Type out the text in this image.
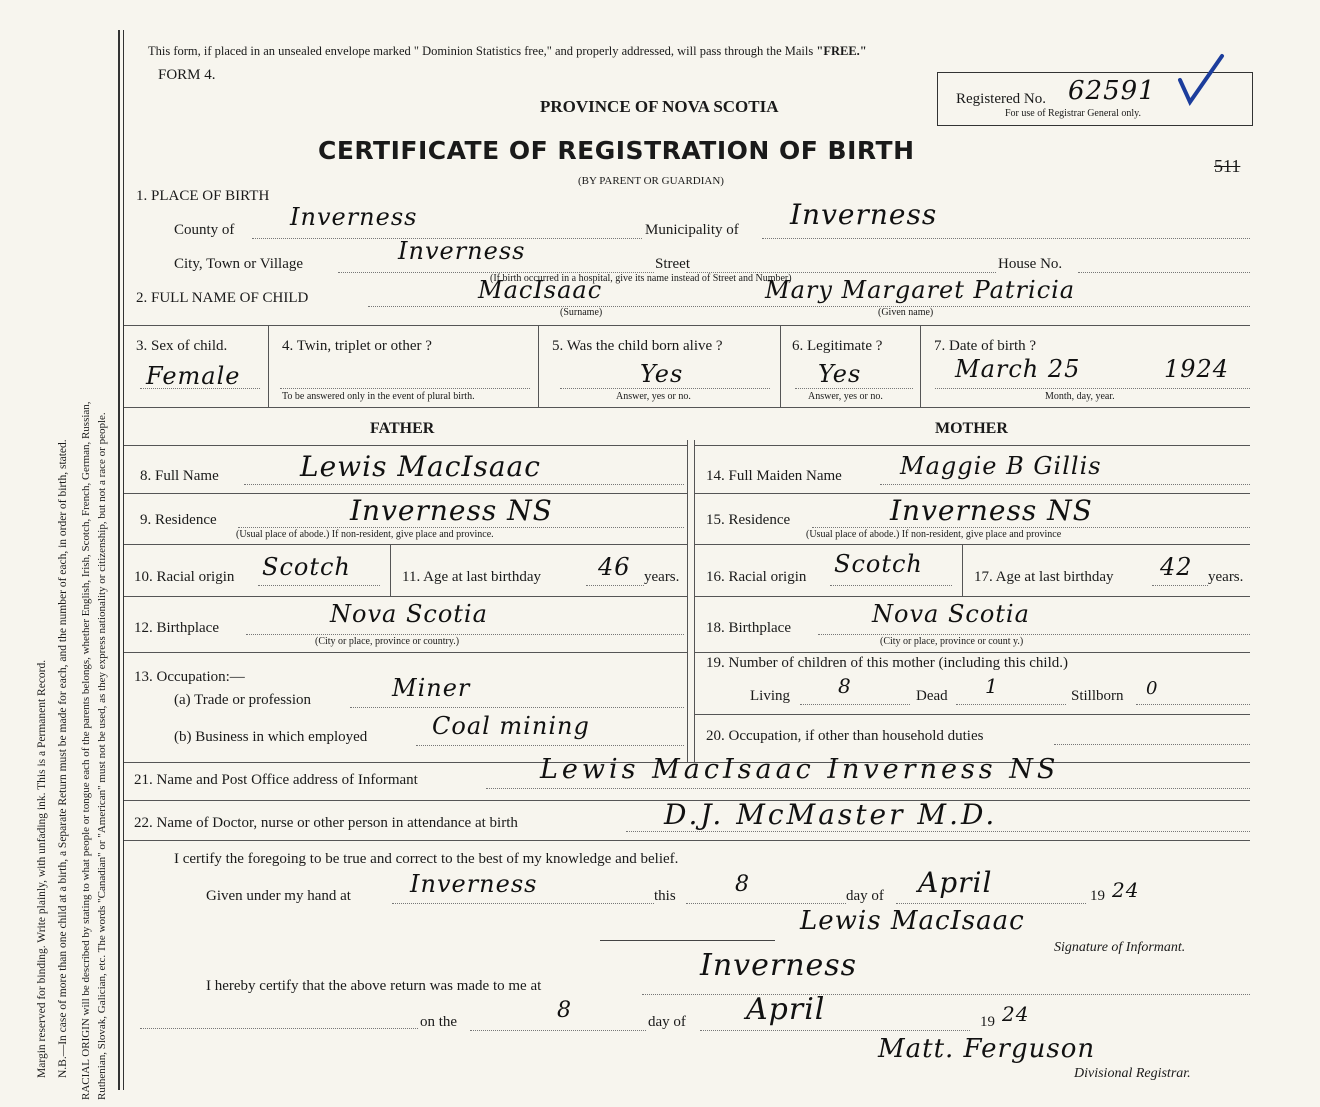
Margin reserved for binding. Write plainly, with unfading ink. This is a Permanent Record. N.B.—In case of more than one child at a birth, a Separate Return must be made for each, and the number of each, in order of birth, stated. RACIAL ORIGIN will be described by stating to what people or tongue each of the parents belongs, whether English, Irish, Scotch, French, German, Russian, Ruthenian, Slovak, Galician, etc. The words "Canadian" or "American" must not be used, as they express nationality or citizenship, but not a race or people.
This form, if placed in an unsealed envelope marked " Dominion Statistics free," and properly addressed, will pass through the Mails "FREE."
FORM 4.
PROVINCE OF NOVA SCOTIA
CERTIFICATE OF REGISTRATION OF BIRTH
(BY PARENT OR GUARDIAN)
Registered No. 62591
For use of Registrar General only.
511
1. PLACE OF BIRTH
County of Inverness	Municipality of Inverness
City, Town or Village	Inverness	Street	House No.
(If birth occurred in a hospital, give its name instead of Street and Number)
2. FULL NAME OF CHILD	MacIsaac	Mary Margaret Patricia
(Surname)	(Given name)
3. Sex of child.
Female
4. Twin, triplet or other ?
To be answered only in the event of plural birth.
5. Was the child born alive ?
Yes
Answer, yes or no.
6. Legitimate ?
Yes
Answer, yes or no.
7. Date of birth ?
March 25	1924
Month, day, year.
FATHER	MOTHER
8. Full Name	Lewis MacIsaac	14. Full Maiden Name Maggie B Gillis
9. Residence	Inverness NS
(Usual place of abode.) If non-resident, give place and province.
15. Residence	Inverness NS
(Usual place of abode.) If non-resident, give place and province
10. Racial origin Scotch	11. Age at last birthday 46 years. 16. Racial origin Scotch	17. Age at last birthday 42 years.
12. Birthplace	Nova Scotia
(City or place, province or country.)
18. Birthplace	Nova Scotia
(City or place, province or count y.)
13. Occupation:—
(a) Trade or profession	Miner
(b) Business in which employed	Coal mining
19. Number of children of this mother (including this child.)
Living 8	Dead 1	Stillborn 0
20. Occupation, if other than household duties
21. Name and Post Office address of Informant	Lewis MacIsaac Inverness NS
22. Name of Doctor, nurse or other person in attendance at birth	D.J. McMaster M.D.
I certify the foregoing to be true and correct to the best of my knowledge and belief.
Given under my hand at Inverness	this	8	day of April	19 24
Lewis MacIsaac
Signature of Informant.
I hereby certify that the above return was made to me at
Inverness
on the	8	day of April	19 24
Matt. Ferguson
Divisional Registrar.
